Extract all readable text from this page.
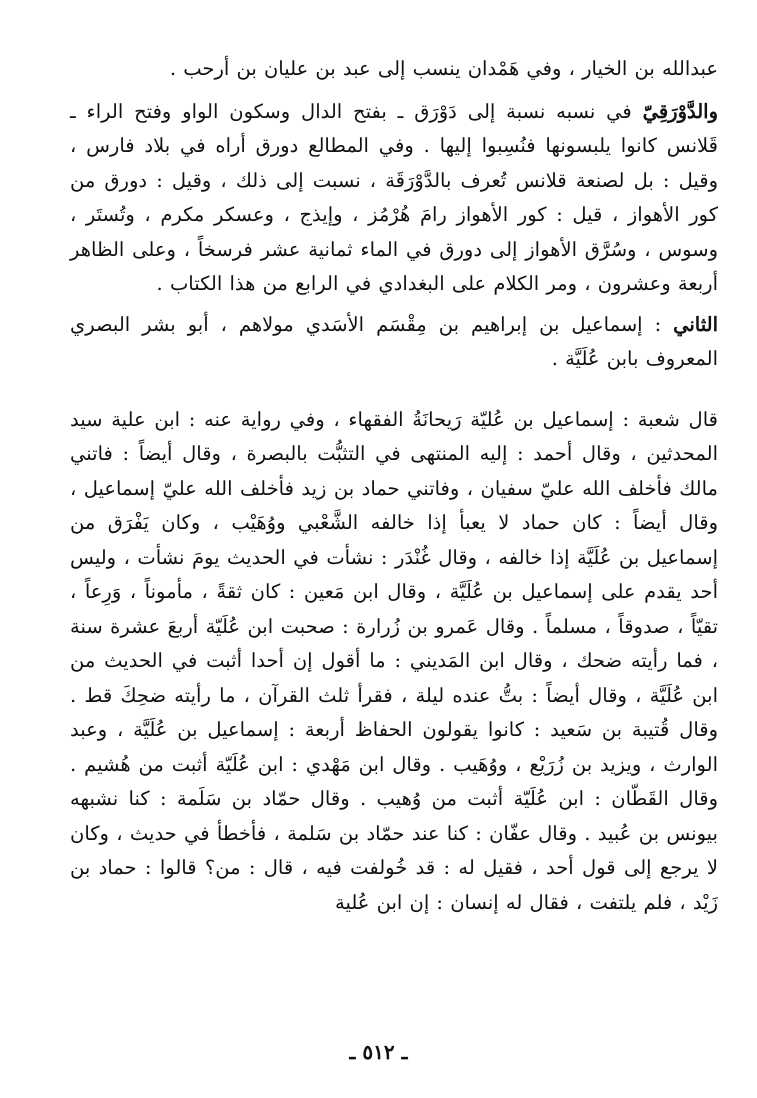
عبدالله بن الخيار ، وفي هَمْدان ينسب إلى عبد بن عليان بن أرحب .

والدَّوْرَقِيّ في نسبه نسبة إلى دَوْرَق ـ بفتح الدال وسكون الواو وفتح الراء ـ قَلانس كانوا يلبسونها فنُسِبوا إليها . وفي المطالع دورق أراه في بلاد فارس ، وقيل : بل لصنعة قلانس تُعرف بالدَّوْرَقَة ، نسبت إلى ذلك ، وقيل : دورق من كور الأهواز ، قيل : كور الأهواز رامَ هُرْمُز ، وإيذج ، وعسكر مكرم ، وتُستَر ، وسوس ، وسُرَّق الأهواز إلى دورق في الماء ثمانية عشر فرسخاً ، وعلى الظاهر أربعة وعشرون ، ومر الكلام على البغدادي في الرابع من هذا الكتاب .

الثاني : إسماعيل بن إبراهيم بن مِقْسَم الأسَدي مولاهم ، أبو بشر البصري المعروف بابن عُلَيَّة .

قال شعبة : إسماعيل بن عُليّة رَيحانَةُ الفقهاء ، وفي رواية عنه : ابن علية سيد المحدثين ، وقال أحمد : إليه المنتهى في التثبُّت بالبصرة ، وقال أيضاً : فاتني مالك فأخلف الله عليّ سفيان ، وفاتني حماد بن زيد فأخلف الله عليّ إسماعيل ، وقال أيضاً : كان حماد لا يعبأ إذا خالفه الشَّعْبي ووُهَيْب ، وكان يَفْرَق من إسماعيل بن عُلَيَّة إذا خالفه ، وقال غُنْدَر : نشأت في الحديث يومَ نشأت ، وليس أحد يقدم على إسماعيل بن عُلَيَّة ، وقال ابن مَعين : كان ثقةً ، مأموناً ، وَرِعاً ، تقيّاً ، صدوقاً ، مسلماً . وقال عَمرو بن زُرارة : صحبت ابن عُلَيّة أربعَ عشرة سنة ، فما رأيته ضحك ، وقال ابن المَديني : ما أقول إن أحدا أثبت في الحديث من ابن عُلَيَّة ، وقال أيضاً : بتُّ عنده ليلة ، فقرأ ثلث القرآن ، ما رأيته ضحِكَ قط . وقال قُتيبة بن سَعيد : كانوا يقولون الحفاظ أربعة : إسماعيل بن عُلَيَّة ، وعبد الوارث ، ويزيد بن زُرَيْع ، ووُهَيب . وقال ابن مَهْدي : ابن عُلَيّة أثبت من هُشيم . وقال القَطّان : ابن عُلَيّة أثبت من وُهيب . وقال حمّاد بن سَلَمة : كنا نشبهه بيونس بن عُبيد . وقال عفّان : كنا عند حمّاد بن سَلمة ، فأخطأ في حديث ، وكان لا يرجع إلى قول أحد ، فقيل له : قد خُولفت فيه ، قال : من؟ قالوا : حماد بن زَيْد ، فلم يلتفت ، فقال له إنسان : إن ابن عُلية

ـ ٥١٢ ـ
